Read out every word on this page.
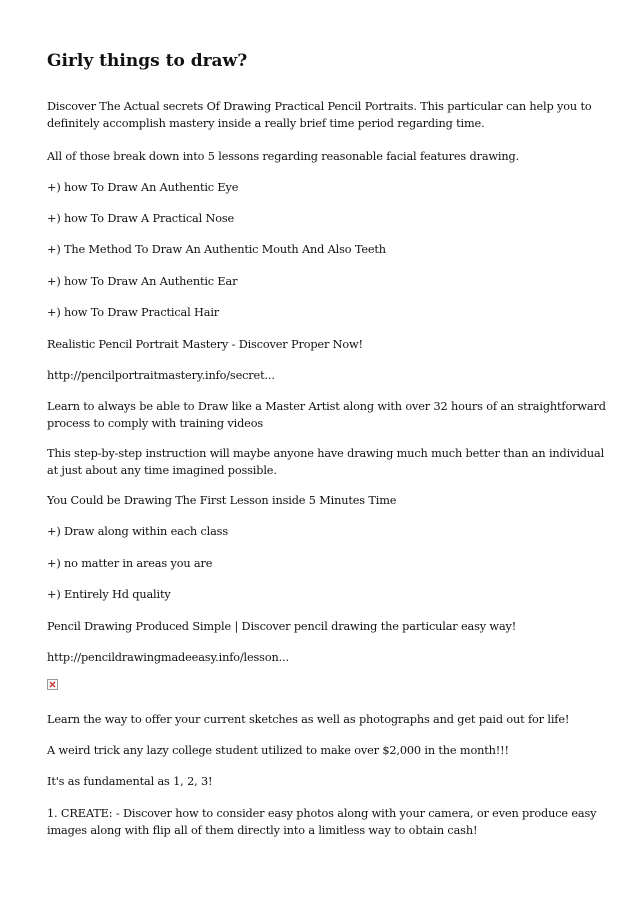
Girly things to draw?

Discover The Actual secrets Of Drawing Practical Pencil Portraits. This particular can help you to definitely accomplish mastery inside a really brief time period regarding time.

All of those break down into 5 lessons regarding reasonable facial features drawing.

+) how To Draw An Authentic Eye

+) how To Draw A Practical Nose

+) The Method To Draw An Authentic Mouth And Also Teeth

+) how To Draw An Authentic Ear

+) how To Draw Practical Hair

Realistic Pencil Portrait Mastery - Discover Proper Now!

http://pencilportraitmastery.info/secret...

Learn to always be able to Draw like a Master Artist along with over 32 hours of an straightforward process to comply with training videos

This step-by-step instruction will maybe anyone have drawing much much better than an individual at just about any time imagined possible.

You Could be Drawing The First Lesson inside 5 Minutes Time

+) Draw along within each class

+) no matter in areas you are

+) Entirely Hd quality

Pencil Drawing Produced Simple | Discover pencil drawing the particular easy way!

http://pencildrawingmadeeasy.info/lesson...

Learn the way to offer your current sketches as well as photographs and get paid out for life!

A weird trick any lazy college student utilized to make over $2,000 in the month!!!

It's as fundamental as 1, 2, 3!

1. CREATE: - Discover how to consider easy photos along with your camera, or even produce easy images along with flip all of them directly into a limitless way to obtain cash!
